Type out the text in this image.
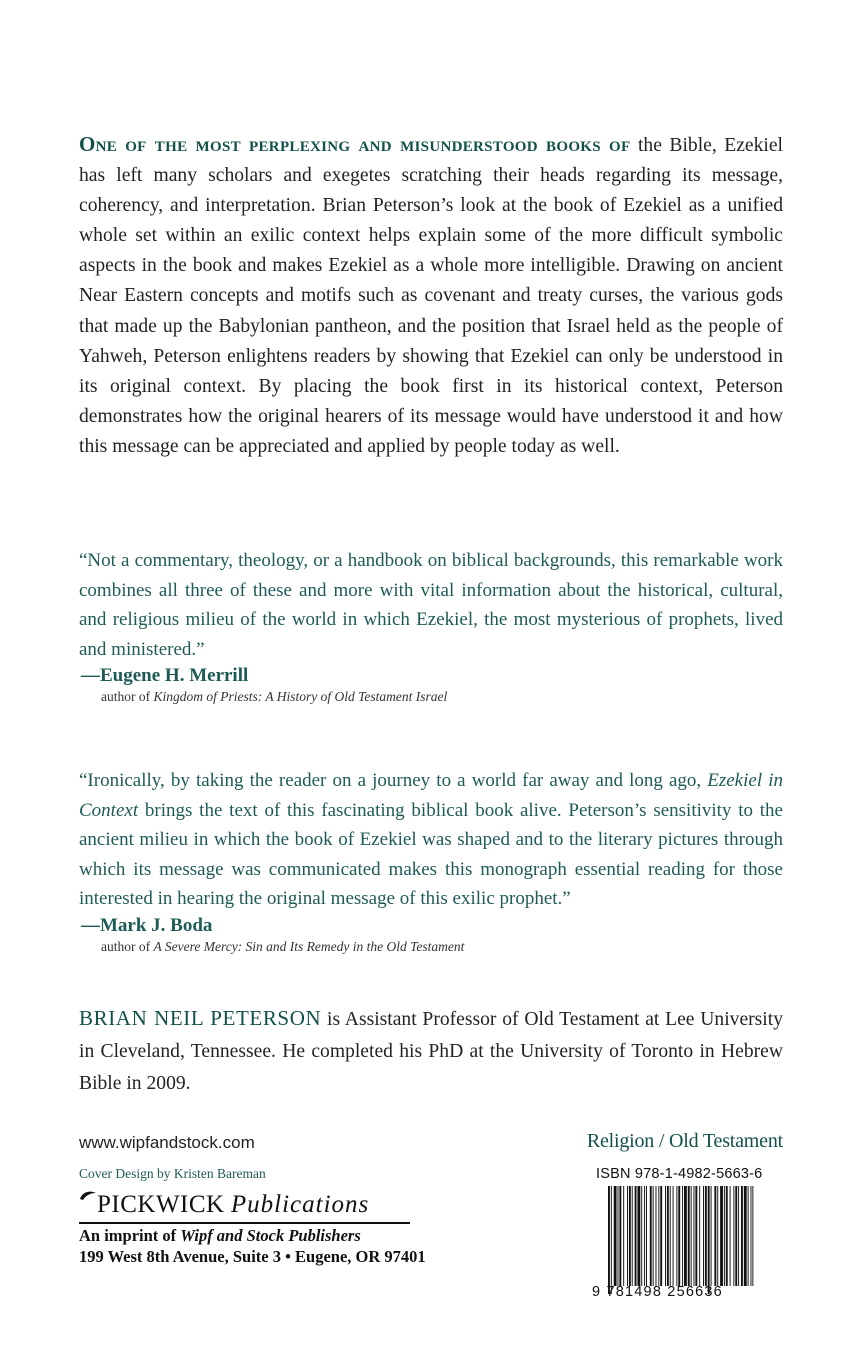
One of the most perplexing and misunderstood books of the Bible, Ezekiel has left many scholars and exegetes scratching their heads regarding its message, coherency, and interpretation. Brian Peterson’s look at the book of Ezekiel as a unified whole set within an exilic context helps explain some of the more difficult symbolic aspects in the book and makes Ezekiel as a whole more intelligible. Drawing on ancient Near Eastern concepts and motifs such as covenant and treaty curses, the various gods that made up the Babylonian pantheon, and the position that Israel held as the people of Yahweh, Peterson enlightens readers by showing that Ezekiel can only be understood in its original context. By placing the book first in its historical context, Peterson demonstrates how the original hearers of its message would have understood it and how this message can be appreciated and applied by people today as well.
“Not a commentary, theology, or a handbook on biblical backgrounds, this remarkable work combines all three of these and more with vital information about the historical, cultural, and religious milieu of the world in which Ezekiel, the most mysterious of prophets, lived and ministered.”
—Eugene H. Merrill
author of Kingdom of Priests: A History of Old Testament Israel
“Ironically, by taking the reader on a journey to a world far away and long ago, Ezekiel in Context brings the text of this fascinating biblical book alive. Peterson’s sensitivity to the ancient milieu in which the book of Ezekiel was shaped and to the literary pictures through which its message was communicated makes this monograph essential reading for those interested in hearing the original message of this exilic prophet.”
—Mark J. Boda
author of A Severe Mercy: Sin and Its Remedy in the Old Testament
BRIAN NEIL PETERSON is Assistant Professor of Old Testament at Lee University in Cleveland, Tennessee. He completed his PhD at the University of Toronto in Hebrew Bible in 2009.
www.wipfandstock.com
Cover Design by Kristen Bareman
PICKWICK Publications
An imprint of Wipf and Stock Publishers
199 West 8th Avenue, Suite 3 • Eugene, OR 97401
Religion / Old Testament
ISBN 978-1-4982-5663-6
9 781498 256636
